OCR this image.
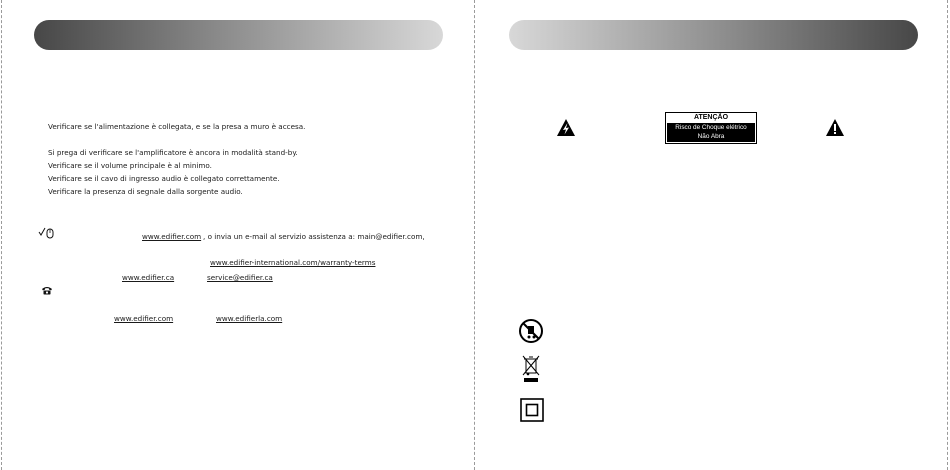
Verificare se l'alimentazione è collegata, e se la presa a muro è accesa.
Si prega di verificare se l'amplificatore è ancora in modalità stand-by.
Verificare se il volume principale è al minimo.
Verificare se il cavo di ingresso audio è collegato correttamente.
Verificare la presenza di segnale dalla sorgente audio.
www.edifier.com , o invia un e-mail al servizio assistenza a: main@edifier.com,
www.edifier-international.com/warranty-terms
www.edifier.ca	service@edifier.ca
www.edifier.com	www.edifierla.com
ATENÇÃO
Risco de Choque elétrico
Não Abra
